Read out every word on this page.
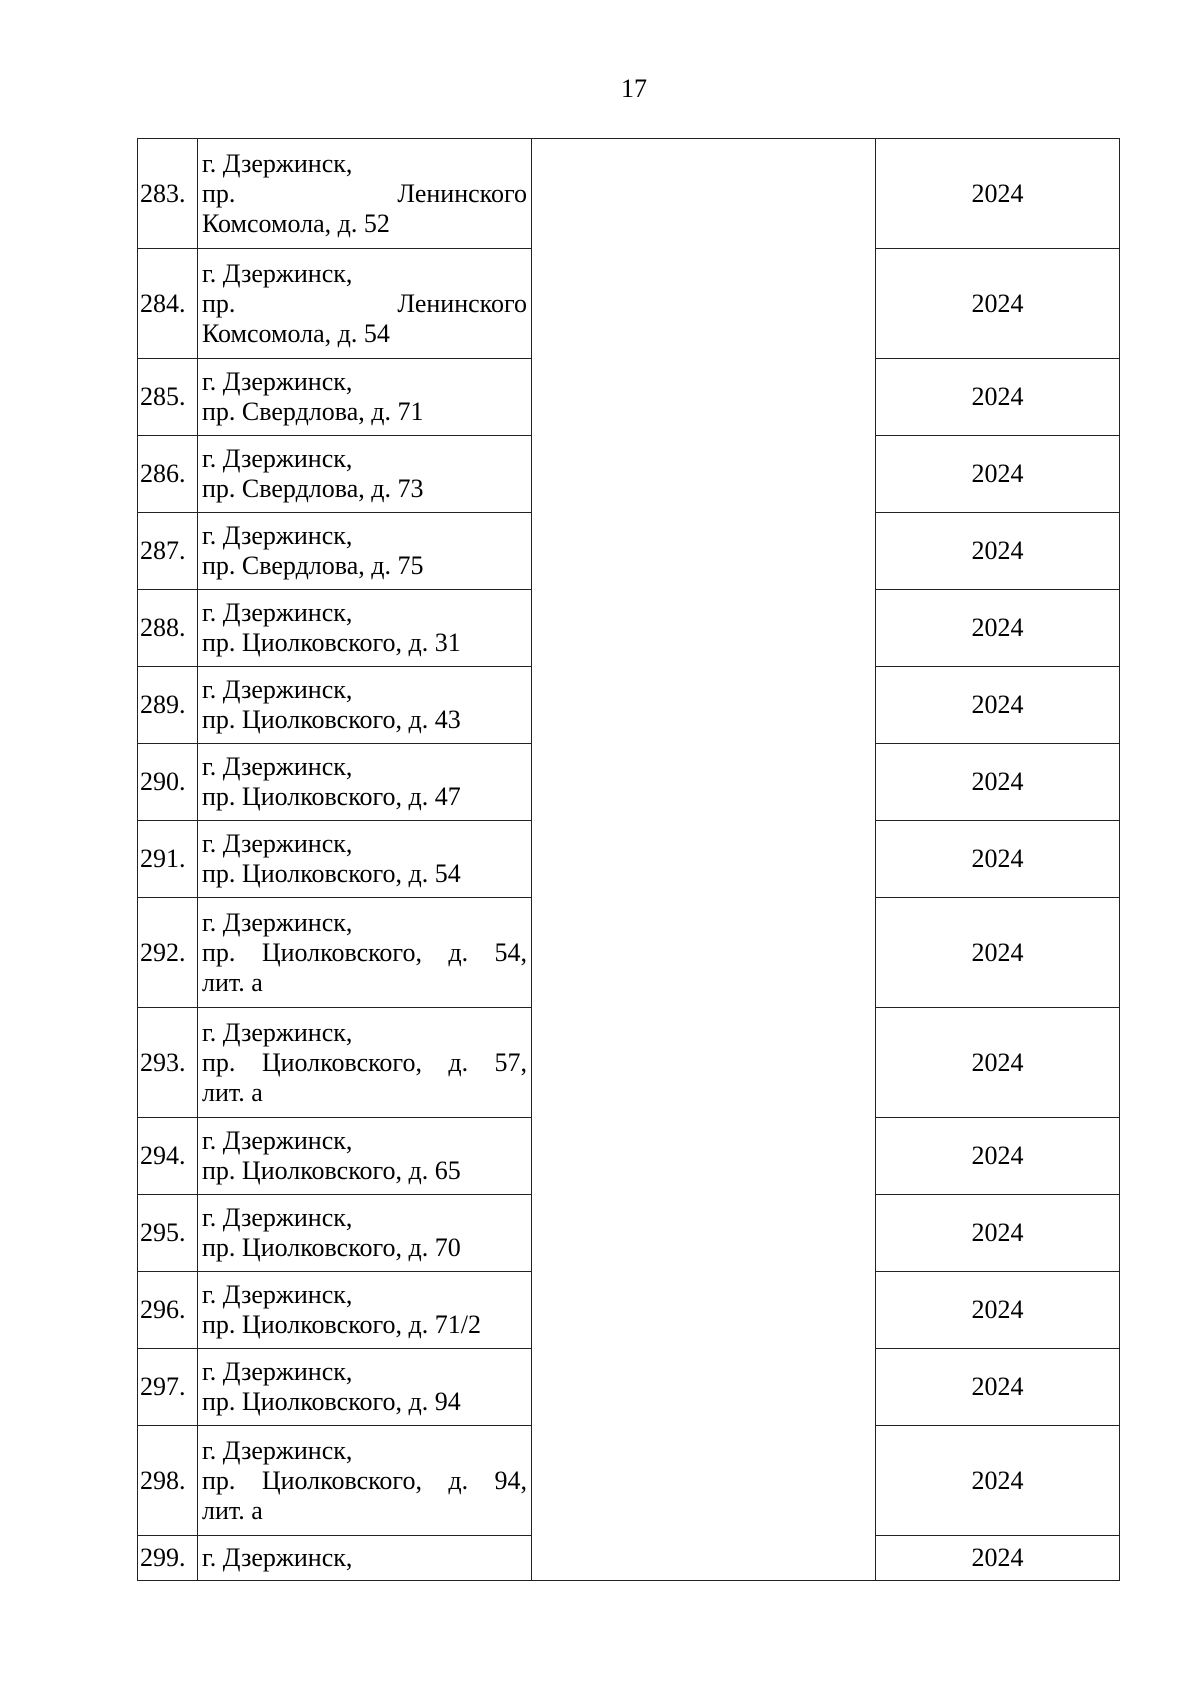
17
283.	г. Дзержинск,
пр. Ленинского
Комсомола, д. 52		2024
284.	г. Дзержинск,
пр. Ленинского
Комсомола, д. 54		2024
285.	г. Дзержинск,
пр. Свердлова, д. 71		2024
286.	г. Дзержинск,
пр. Свердлова, д. 73		2024
287.	г. Дзержинск,
пр. Свердлова, д. 75		2024
288.	г. Дзержинск,
пр. Циолковского, д. 31		2024
289.	г. Дзержинск,
пр. Циолковского, д. 43		2024
290.	г. Дзержинск,
пр. Циолковского, д. 47		2024
291.	г. Дзержинск,
пр. Циолковского, д. 54		2024
292.	г. Дзержинск,
пр. Циолковского, д. 54,
лит. а		2024
293.	г. Дзержинск,
пр. Циолковского, д. 57,
лит. а		2024
294.	г. Дзержинск,
пр. Циолковского, д. 65		2024
295.	г. Дзержинск,
пр. Циолковского, д. 70		2024
296.	г. Дзержинск,
пр. Циолковского, д. 71/2		2024
297.	г. Дзержинск,
пр. Циолковского, д. 94		2024
298.	г. Дзержинск,
пр. Циолковского, д. 94,
лит. а		2024
299.	г. Дзержинск,		2024
